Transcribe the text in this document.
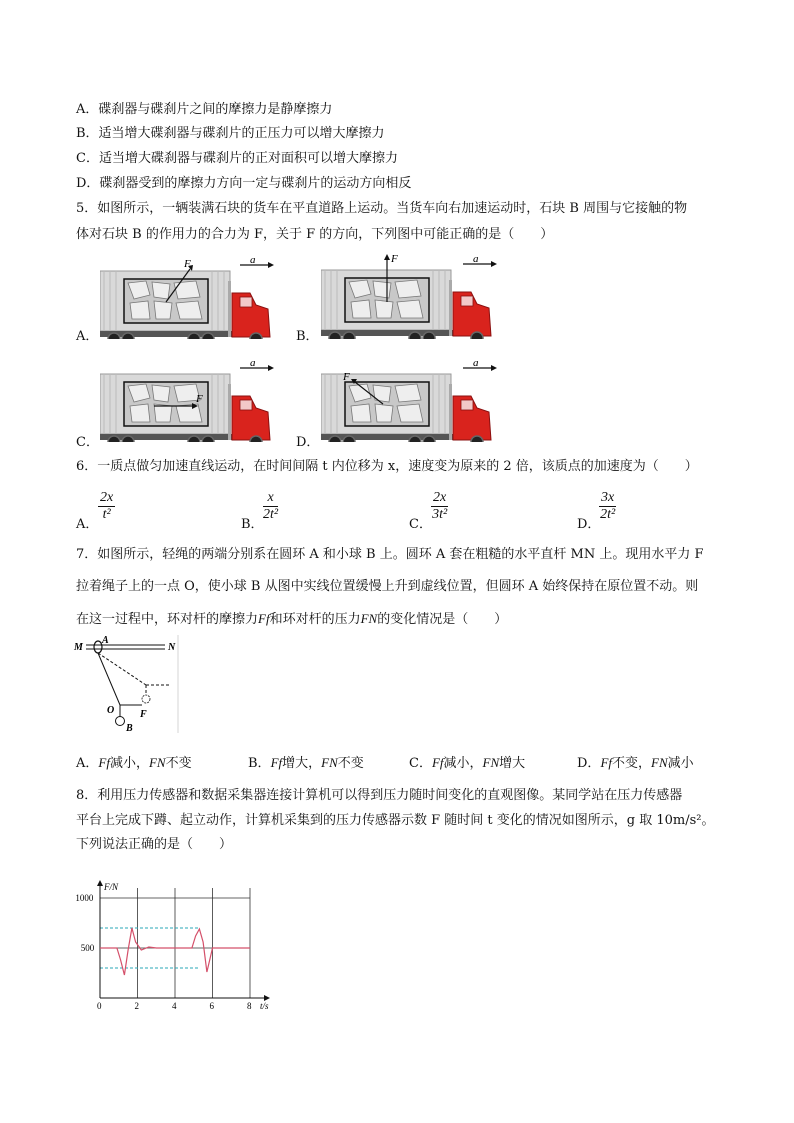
A．碟刹器与碟刹片之间的摩擦力是静摩擦力
B．适当增大碟刹器与碟刹片的正压力可以增大摩擦力
C．适当增大碟刹器与碟刹片的正对面积可以增大摩擦力
D．碟刹器受到的摩擦力方向一定与碟刹片的运动方向相反
5．如图所示，一辆装满石块的货车在平直道路上运动。当货车向右加速运动时，石块 B 周围与它接触的物
体对石块 B 的作用力的合力为 F，关于 F 的方向，下列图中可能正确的是（　　）
A．
a
F
B．
a
F
C．
a
F
D．
a
F
6．一质点做匀加速直线运动，在时间间隔 t 内位移为 x，速度变为原来的 2 倍，该质点的加速度为（　　）
A．
$\frac{2x}{\text{t²}}$
B．
$\frac{x}{\text{2t²}}$
C．
$\frac{2x}{\text{3t²}}$
D．
$\frac{3x}{\text{2t²}}$
7．如图所示，轻绳的两端分别系在圆环 A 和小球 B 上。圆环 A 套在粗糙的水平直杆 MN 上。现用水平力 F
拉着绳子上的一点 O，使小球 B 从图中实线位置缓慢上升到虚线位置，但圆环 A 始终保持在原位置不动。则
在这一过程中，环对杆的摩擦力Ff和环对杆的压力FN的变化情况是（　　）
M
A
N
O	F
B
A．Ff减小，FN不变	B．Ff增大，FN不变	C．Ff减小，FN增大	D．Ff不变，FN减小
8．利用压力传感器和数据采集器连接计算机可以得到压力随时间变化的直观图像。某同学站在压力传感器
平台上完成下蹲、起立动作，计算机采集到的压力传感器示数 F 随时间 t 变化的情况如图所示，g 取 10m/s²。
下列说法正确的是（　　）
0	2	4	6	8
500
1000
t/s
F/N
